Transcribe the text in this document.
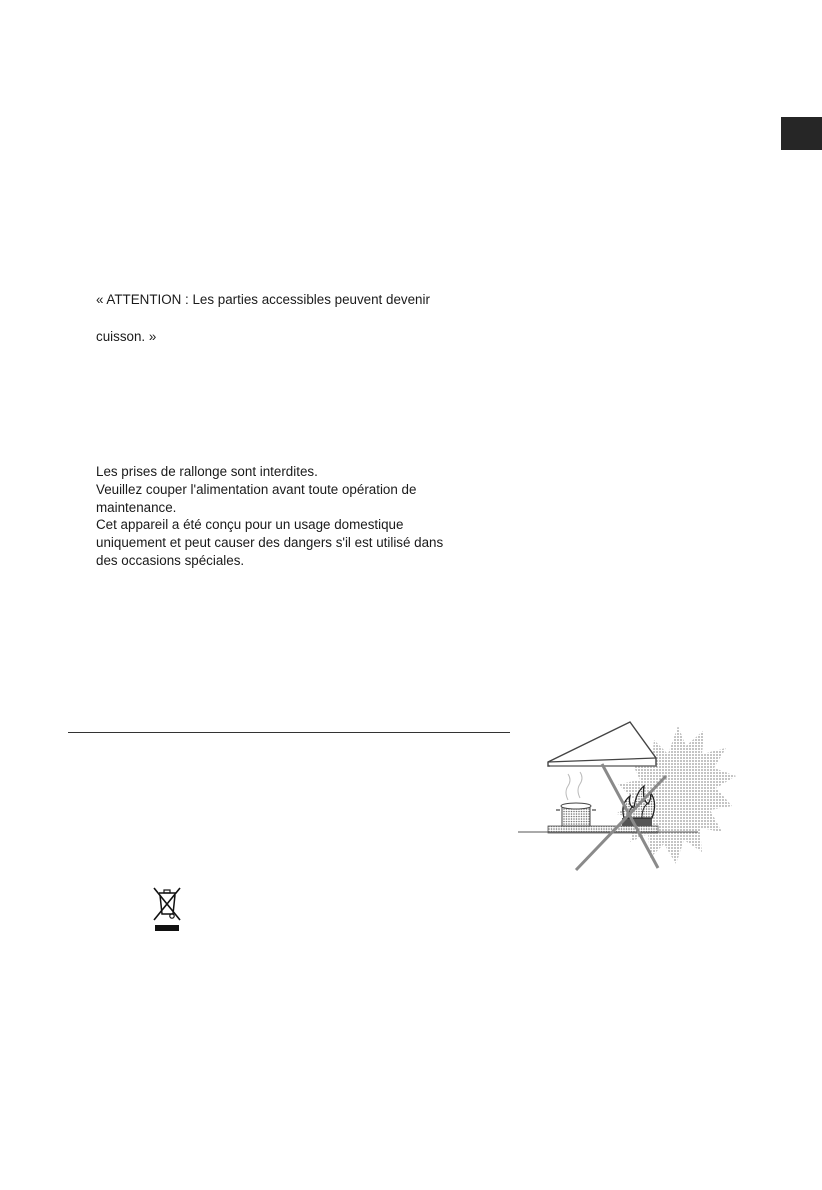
« ATTENTION : Les parties accessibles peuvent devenir
cuisson. »
Les prises de rallonge sont interdites.
Veuillez couper l'alimentation avant toute opération de
maintenance.
Cet appareil a été conçu pour un usage domestique
uniquement et peut causer des dangers s'il est utilisé dans
des occasions spéciales.
